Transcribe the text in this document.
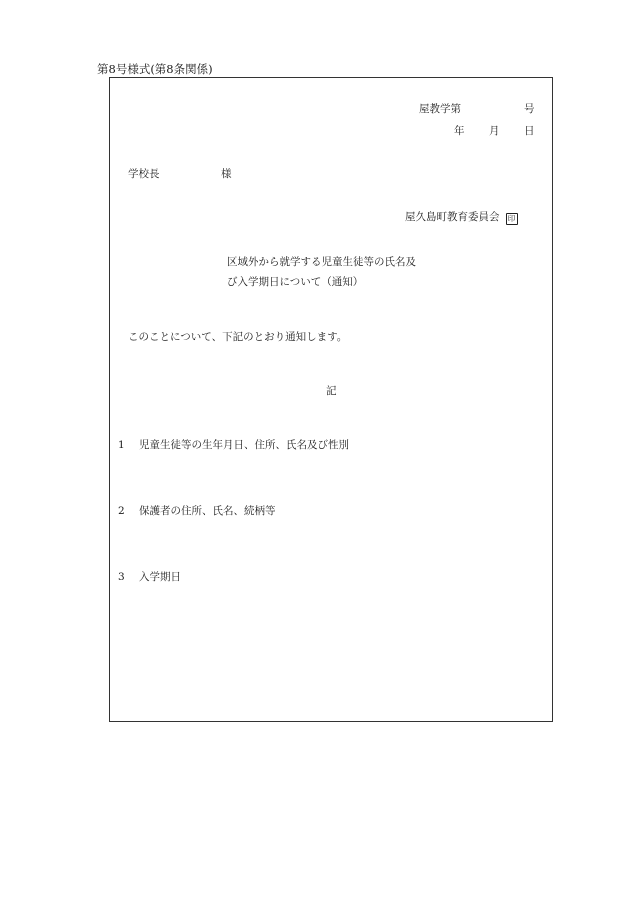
第8号様式(第8条関係)
屋教学第	号
年 月 日
学校長	様
屋久島町教育委員会 印
区域外から就学する児童生徒等の氏名及
び入学期日について（通知）
このことについて、下記のとおり通知します。
記
1 児童生徒等の生年月日、住所、氏名及び性別
2 保護者の住所、氏名、続柄等
3 入学期日
